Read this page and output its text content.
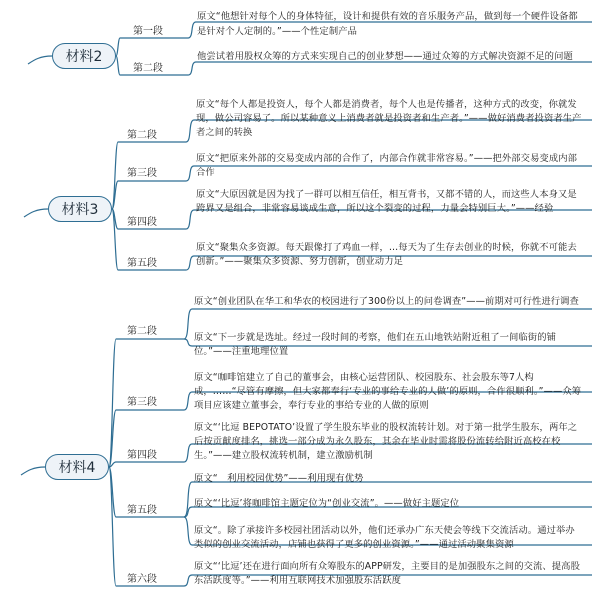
材料2
第一段
原文“他想针对每个人的身体特征，设计和提供有效的音乐服务产品，做到每一个硬件设备都是针对个人定制的。”——个性定制产品
第二段
他尝试着用股权众筹的方式来实现自己的创业梦想——通过众筹的方式解决资源不足的问题
材料3
第二段
原文“每个人都是投资人，每个人都是消费者，每个人也是传播者，这种方式的改变，你就发现，做公司容易了。所以某种意义上消费者就是投资者和生产者。”——做好消费者投资者生产者之间的转换
第三段
原文“把原来外部的交易变成内部的合作了，内部合作就非常容易。”——把外部交易变成内部合作
第四段
原文“大原因就是因为找了一群可以相互信任，相互背书，又都不错的人，而这些人本身又是跨界又是组合，非常容易谈成生意，所以这个裂变的过程，力量会特别巨大。”——经验
第五段
原文“聚集众多资源。每天跟像打了鸡血一样，…每天为了生存去创业的时候，你就不可能去创新。”——聚集众多资源、努力创新，创业动力足
材料4
第二段
原文“创业团队在华工和华农的校园进行了300份以上的问卷调查”——前期对可行性进行调查
原文“下一步就是选址。经过一段时间的考察，他们在五山地铁站附近租了一间临街的铺位。”——注重地理位置
第三段
原文“咖啡馆建立了自己的董事会，由核心运营团队、校园股东、社会股东等7人构成，……“尽管有摩擦，但大家都奉行‘专业的事给专业的人做’的原则，合作很顺利。”——众筹项目应该建立董事会，奉行专业的事给专业的人做的原则
第四段
原文“‘比逗 BEPOTATO’设置了学生股东毕业的股权流转计划。对于第一批学生股东，两年之后按贡献度排名，挑选一部分成为永久股东，其余在毕业时需将股份流转给附近高校在校生。”——建立股权流转机制，建立激励机制
第五段
原文“　利用校园优势”——利用现有优势
原文“‘比逗’将咖啡馆主题定位为“创业交流”。——做好主题定位
原文“。除了承接许多校园社团活动以外，他们还承办广东天使会等线下交流活动。通过举办类似的创业交流活动，店铺也获得了更多的创业资源。”——通过活动聚集资源
第六段
原文“‘比逗’还在进行面向所有众筹股东的APP研发，主要目的是加强股东之间的交流、提高股东活跃度等。”——利用互联网技术加强股东活跃度
